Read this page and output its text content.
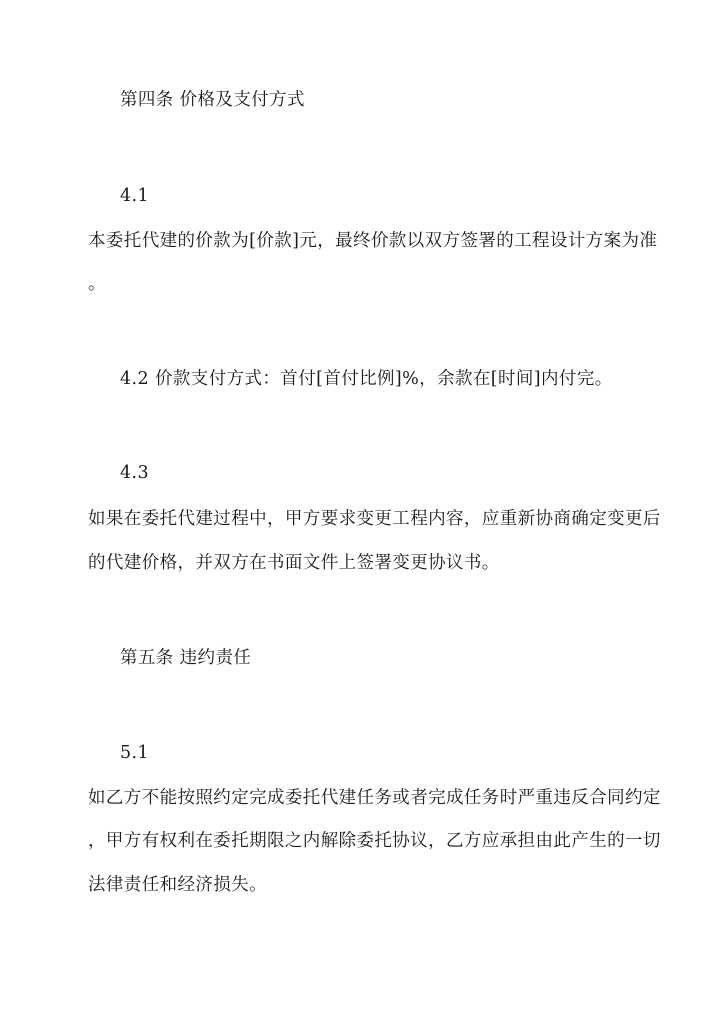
第四条 价格及支付方式
4.1
本委托代建的价款为[价款]元，最终价款以双方签署的工程设计方案为准
。
4.2 价款支付方式：首付[首付比例]%，余款在[时间]内付完。
4.3
如果在委托代建过程中，甲方要求变更工程内容，应重新协商确定变更后
的代建价格，并双方在书面文件上签署变更协议书。
第五条 违约责任
5.1
如乙方不能按照约定完成委托代建任务或者完成任务时严重违反合同约定
，甲方有权利在委托期限之内解除委托协议，乙方应承担由此产生的一切
法律责任和经济损失。
